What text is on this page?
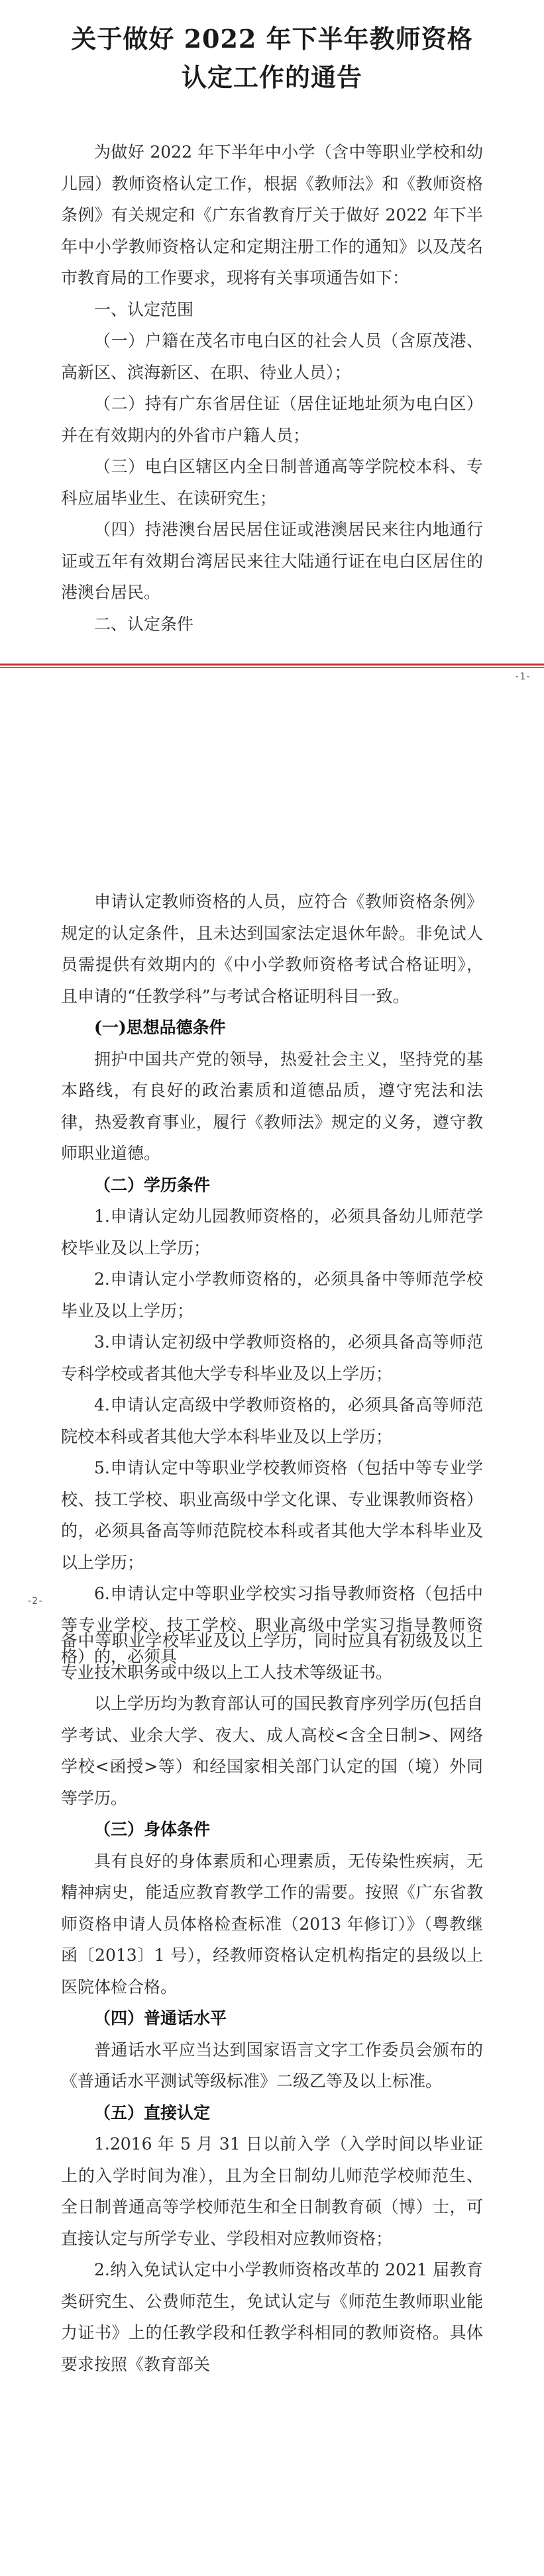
关于做好 2022 年下半年教师资格
认定工作的通告

为做好 2022 年下半年中小学（含中等职业学校和幼儿园）教师资格认定工作，根据《教师法》和《教师资格条例》有关规定和《广东省教育厅关于做好 2022 年下半年中小学教师资格认定和定期注册工作的通知》以及茂名市教育局的工作要求，现将有关事项通告如下：

一、认定范围

（一）户籍在茂名市电白区的社会人员（含原茂港、高新区、滨海新区、在职、待业人员）；

（二）持有广东省居住证（居住证地址须为电白区）并在有效期内的外省市户籍人员；

（三）电白区辖区内全日制普通高等学院校本科、专科应届毕业生、在读研究生；

（四）持港澳台居民居住证或港澳居民来往内地通行证或五年有效期台湾居民来往大陆通行证在电白区居住的港澳台居民。

二、认定条件

-1-

申请认定教师资格的人员，应符合《教师资格条例》规定的认定条件，且未达到国家法定退休年龄。非免试人员需提供有效期内的《中小学教师资格考试合格证明》，且申请的“任教学科”与考试合格证明科目一致。

(一)思想品德条件

拥护中国共产党的领导，热爱社会主义，坚持党的基本路线，有良好的政治素质和道德品质，遵守宪法和法律，热爱教育事业，履行《教师法》规定的义务，遵守教师职业道德。

（二）学历条件

1.申请认定幼儿园教师资格的，必须具备幼儿师范学校毕业及以上学历；

2.申请认定小学教师资格的，必须具备中等师范学校毕业及以上学历；

3.申请认定初级中学教师资格的，必须具备高等师范专科学校或者其他大学专科毕业及以上学历；

4.申请认定高级中学教师资格的，必须具备高等师范院校本科或者其他大学本科毕业及以上学历；

5.申请认定中等职业学校教师资格（包括中等专业学校、技工学校、职业高级中学文化课、专业课教师资格）的，必须具备高等师范院校本科或者其他大学本科毕业及以上学历；

6.申请认定中等职业学校实习指导教师资格（包括中等专业学校、技工学校、职业高级中学实习指导教师资格）的，必须具

-2-

备中等职业学校毕业及以上学历，同时应具有初级及以上专业技术职务或中级以上工人技术等级证书。

以上学历均为教育部认可的国民教育序列学历(包括自学考试、业余大学、夜大、成人高校<含全日制>、网络学校<函授>等）和经国家相关部门认定的国（境）外同等学历。

（三）身体条件

具有良好的身体素质和心理素质，无传染性疾病，无精神病史，能适应教育教学工作的需要。按照《广东省教师资格申请人员体格检查标准（2013 年修订）》（粤教继函〔2013〕1 号），经教师资格认定机构指定的县级以上医院体检合格。

（四）普通话水平

普通话水平应当达到国家语言文字工作委员会颁布的《普通话水平测试等级标准》二级乙等及以上标准。

（五）直接认定

1.2016 年 5 月 31 日以前入学（入学时间以毕业证上的入学时间为准），且为全日制幼儿师范学校师范生、全日制普通高等学校师范生和全日制教育硕（博）士，可直接认定与所学专业、学段相对应教师资格；

2.纳入免试认定中小学教师资格改革的 2021 届教育类研究生、公费师范生，免试认定与《师范生教师职业能力证书》上的任教学段和任教学科相同的教师资格。具体要求按照《教育部关
